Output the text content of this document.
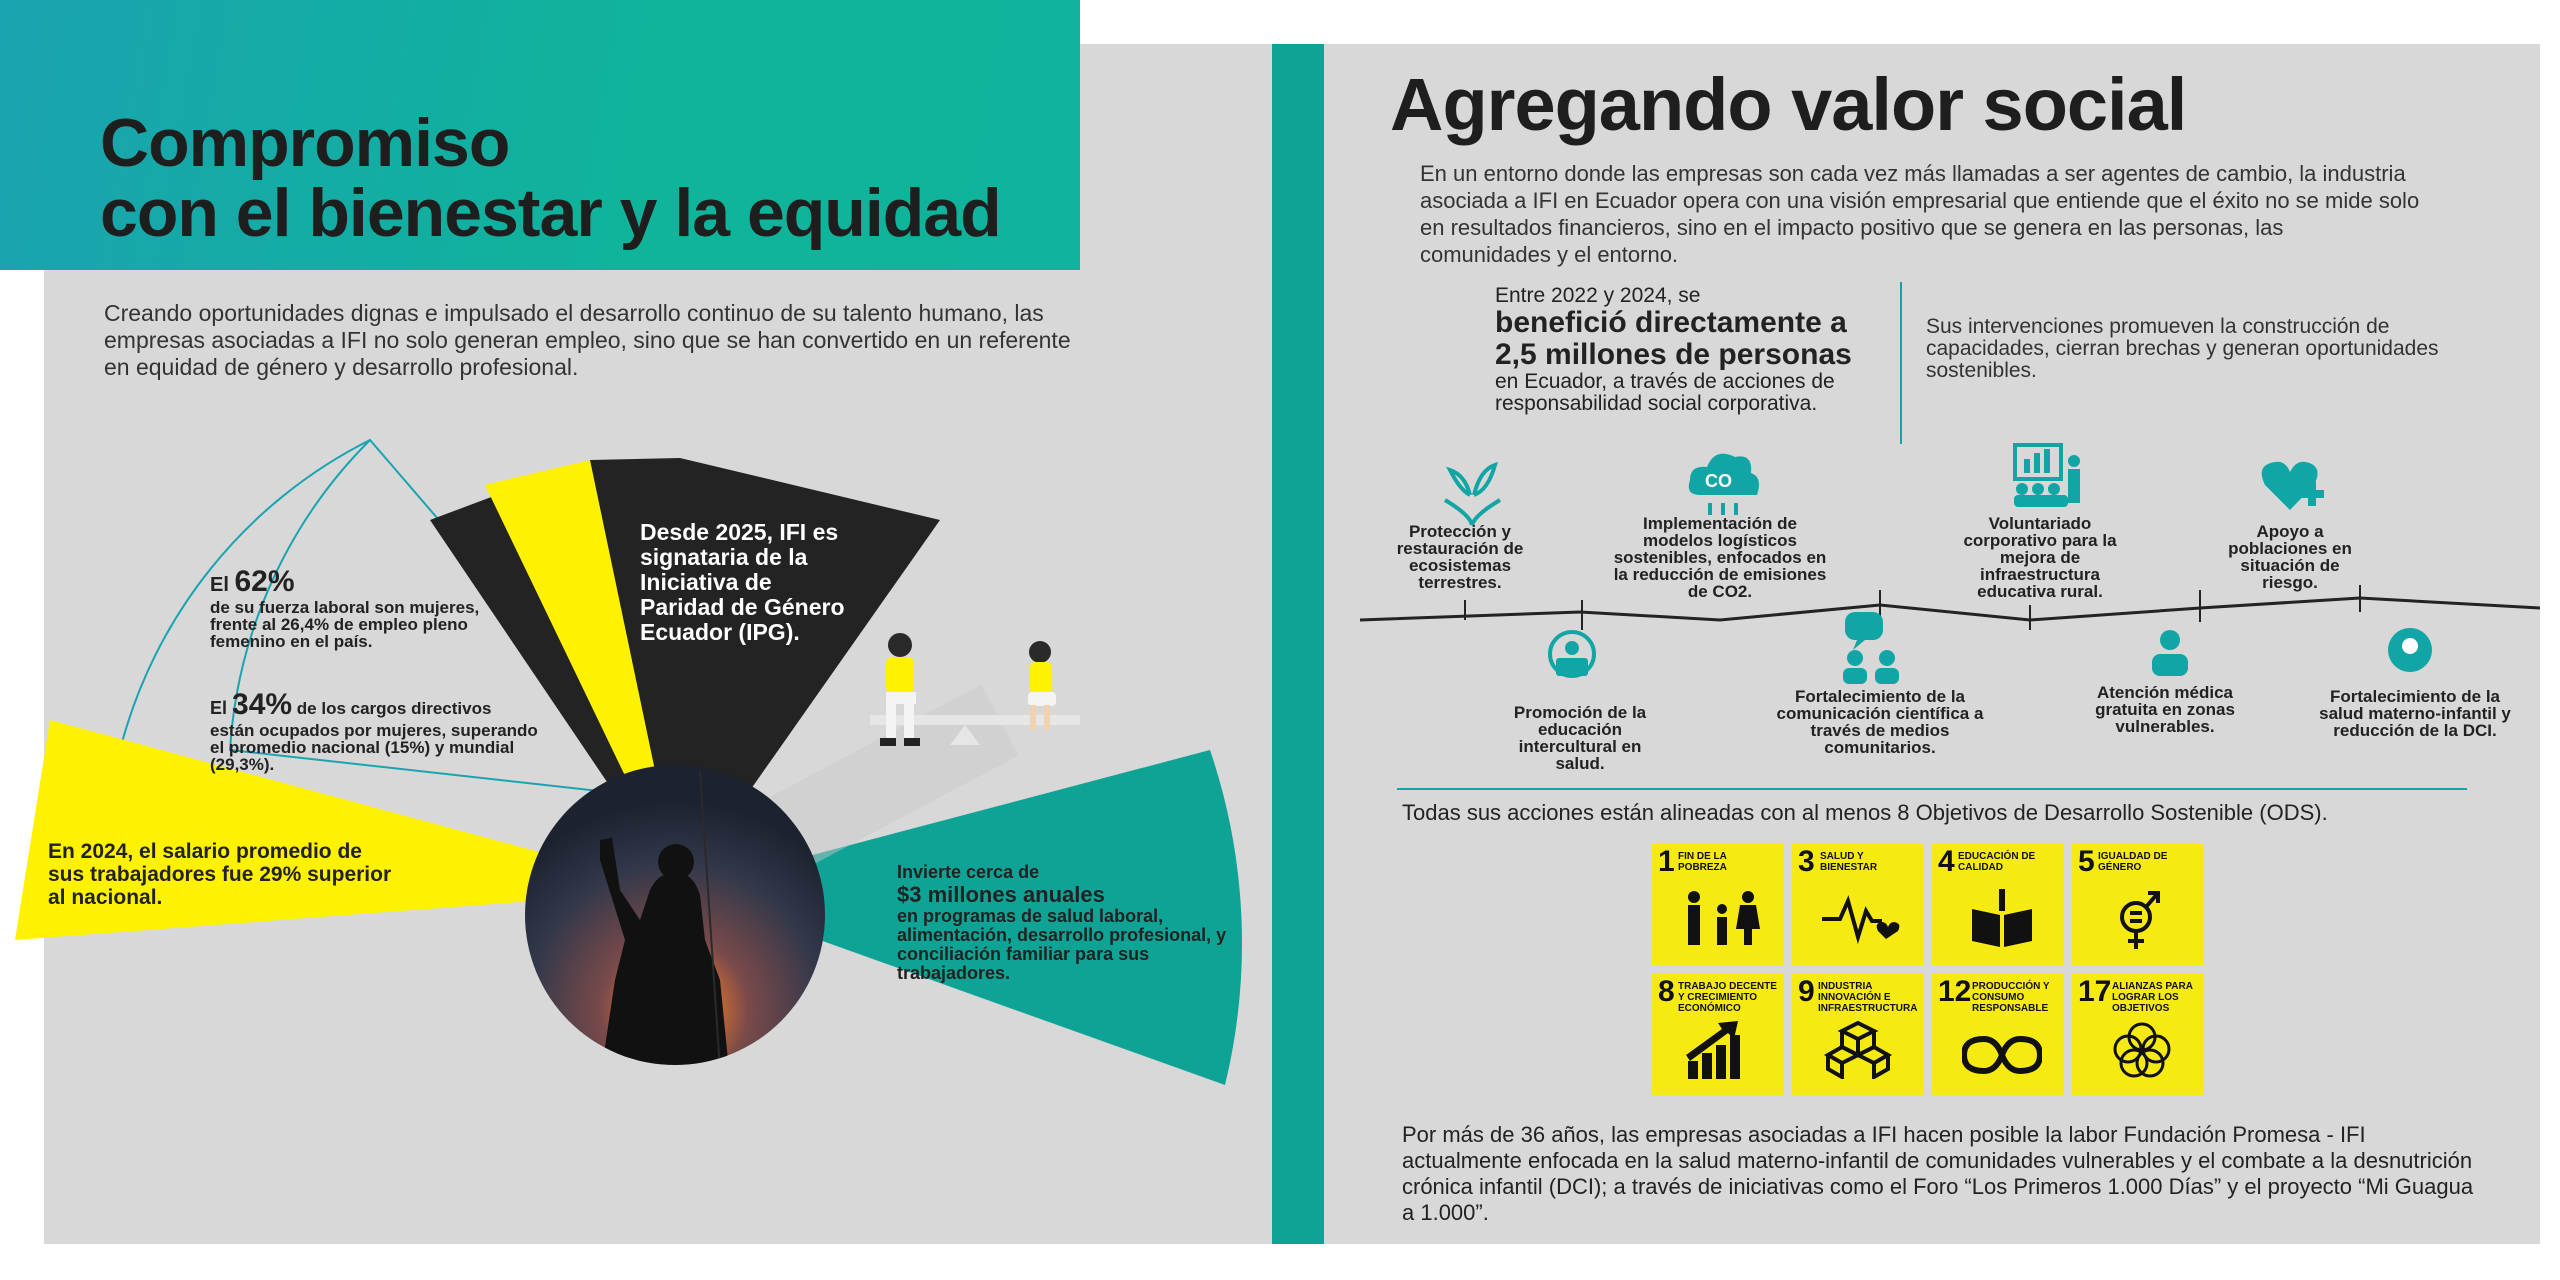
Compromiso
con el bienestar y la equidad
Creando oportunidades dignas e impulsado el desarrollo continuo de su talento humano, las empresas asociadas a IFI no solo generan empleo, sino que se han convertido en un referente en equidad de género y desarrollo profesional.
El 62%
de su fuerza laboral son mujeres, frente al 26,4% de empleo pleno femenino en el país.
El 34% de los cargos directivos
están ocupados por mujeres, superando el promedio nacional (15%) y mundial (29,3%).
En 2024, el salario promedio de sus trabajadores fue 29% superior al nacional.
Desde 2025, IFI es signataria de la Iniciativa de Paridad de Género Ecuador (IPG).
Invierte cerca de
$3 millones anuales
en programas de salud laboral, alimentación, desarrollo profesional, y conciliación familiar para sus trabajadores.
Agregando valor social
En un entorno donde las empresas son cada vez más llamadas a ser agentes de cambio, la industria asociada a IFI en Ecuador opera con una visión empresarial que entiende que el éxito no se mide solo en resultados financieros, sino en el impacto positivo que se genera en las personas, las comunidades y el entorno.
Entre 2022 y 2024, se
benefició directamente a
2,5 millones de personas
en Ecuador, a través de acciones de responsabilidad social corporativa.
Sus intervenciones promueven la construcción de capacidades, cierran brechas y generan oportunidades sostenibles.
CO
Protección y restauración de ecosistemas terrestres.
Implementación de modelos logísticos sostenibles, enfocados en la reducción de emisiones de CO2.
Voluntariado corporativo para la mejora de infraestructura educativa rural.
Apoyo a poblaciones en situación de riesgo.
Promoción de la educación intercultural en salud.
Fortalecimiento de la comunicación científica a través de medios comunitarios.
Atención médica gratuita en zonas vulnerables.
Fortalecimiento de la salud materno-infantil y reducción de la DCI.
Todas sus acciones están alineadas con al menos 8 Objetivos de Desarrollo Sostenible (ODS).
1 FIN DE LA POBREZA	3 SALUD Y BIENESTAR	4 EDUCACIÓN DE CALIDAD	5 IGUALDAD DE GÉNERO
8 TRABAJO DECENTE Y CRECIMIENTO ECONÓMICO
9 INDUSTRIA INNOVACIÓN E INFRAESTRUCTURA
12 PRODUCCIÓN Y CONSUMO RESPONSABLE
17 ALIANZAS PARA LOGRAR LOS OBJETIVOS
Por más de 36 años, las empresas asociadas a IFI hacen posible la labor Fundación Promesa - IFI actualmente enfocada en la salud materno-infantil de comunidades vulnerables y el combate a la desnutrición crónica infantil (DCI); a través de iniciativas como el Foro “Los Primeros 1.000 Días” y el proyecto “Mi Guagua a 1.000”.
